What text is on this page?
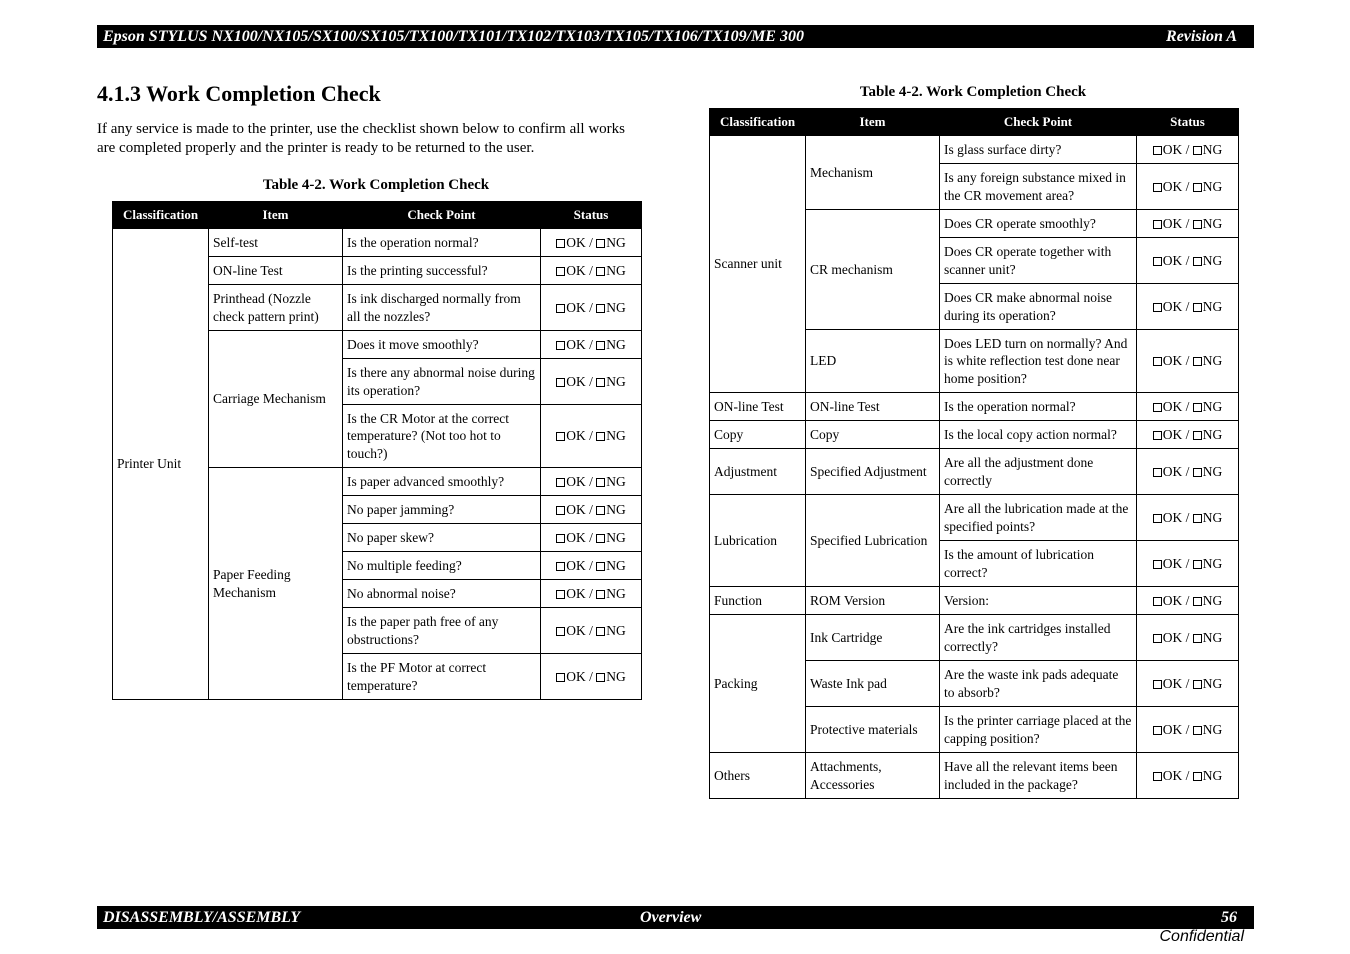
Epson STYLUS NX100/NX105/SX100/SX105/TX100/TX101/TX102/TX103/TX105/TX106/TX109/ME 300	Revision A
4.1.3 Work Completion Check

If any service is made to the printer, use the checklist shown below to confirm all works are completed properly and the printer is ready to be returned to the user.

Table 4-2. Work Completion Check
Classification	Item	Check Point	Status
Printer Unit	Self-test	Is the operation normal?	OK / NG
	ON-line Test	Is the printing successful?	OK / NG
	Printhead (Nozzle check pattern print)	Is ink discharged normally from all the nozzles?	OK / NG
	Carriage Mechanism	Does it move smoothly?	OK / NG
		Is there any abnormal noise during its operation?	OK / NG
		Is the CR Motor at the correct temperature? (Not too hot to touch?)	OK / NG
	Paper Feeding Mechanism	Is paper advanced smoothly?	OK / NG
		No paper jamming?	OK / NG
		No paper skew?	OK / NG
		No multiple feeding?	OK / NG
		No abnormal noise?	OK / NG
		Is the paper path free of any obstructions?	OK / NG
		Is the PF Motor at correct temperature?	OK / NG
Table 4-2. Work Completion Check
Classification	Item	Check Point	Status
Scanner unit	Mechanism	Is glass surface dirty?	OK / NG
		Is any foreign substance mixed in the CR movement area?	OK / NG
	CR mechanism	Does CR operate smoothly?	OK / NG
		Does CR operate together with scanner unit?	OK / NG
		Does CR make abnormal noise during its operation?	OK / NG
	LED	Does LED turn on normally? And is white reflection test done near home position?	OK / NG
ON-line Test	ON-line Test	Is the operation normal?	OK / NG
Copy	Copy	Is the local copy action normal?	OK / NG
Adjustment	Specified Adjustment	Are all the adjustment done correctly	OK / NG
Lubrication	Specified Lubrication	Are all the lubrication made at the specified points?	OK / NG
		Is the amount of lubrication correct?	OK / NG
Function	ROM Version	Version:	OK / NG
Packing	Ink Cartridge	Are the ink cartridges installed correctly?	OK / NG
	Waste Ink pad	Are the waste ink pads adequate to absorb?	OK / NG
	Protective materials	Is the printer carriage placed at the capping position?	OK / NG
Others	Attachments, Accessories	Have all the relevant items been included in the package?	OK / NG
DISASSEMBLY/ASSEMBLY	Overview	56
Confidential
